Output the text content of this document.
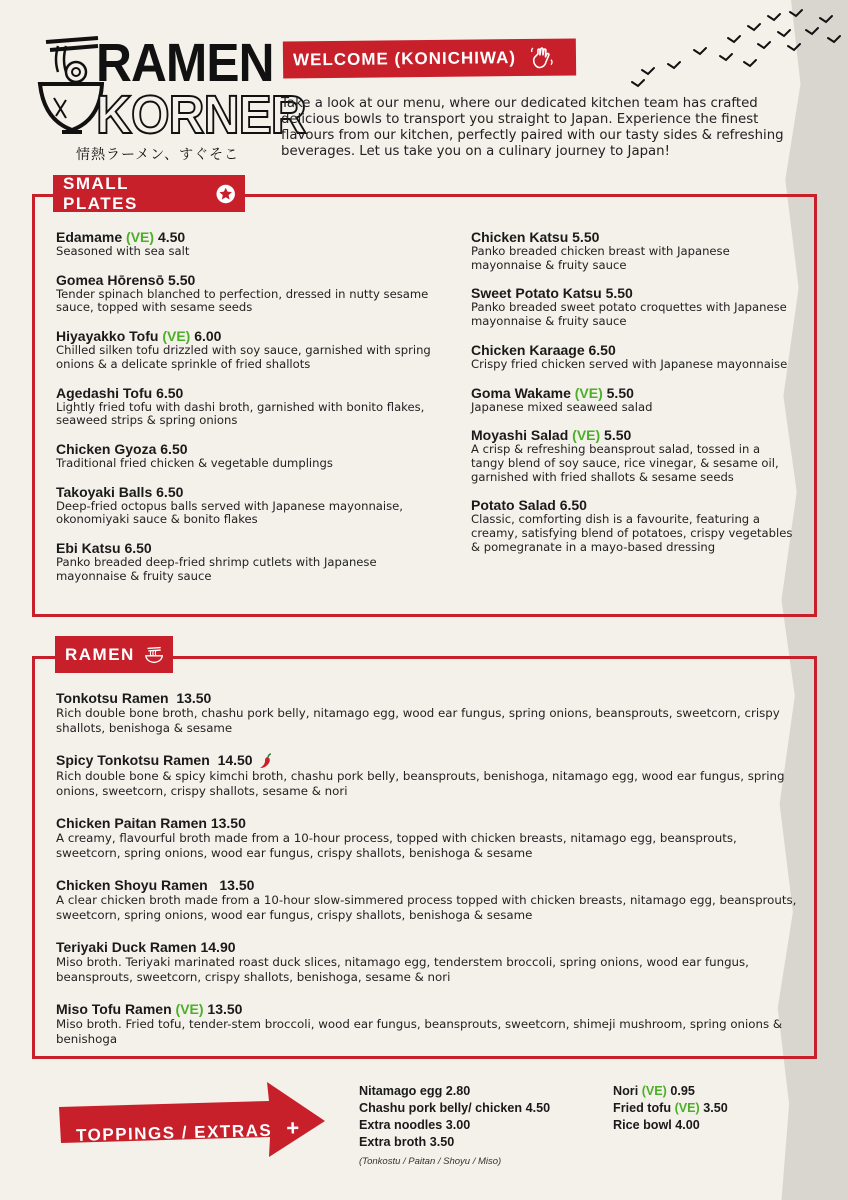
RAMEN
KORNER
情熱ラーメン、すぐそこ
WELCOME (KONICHIWA)
Take a look at our menu, where our dedicated kitchen team has crafted delicious bowls to transport you straight to Japan. Experience the finest flavours from our kitchen, perfectly paired with our tasty sides & refreshing beverages. Let us take you on a culinary journey to Japan!
SMALL PLATES
Edamame (VE) 4.50
Seasoned with sea salt
Gomea Hōrensō 5.50
Tender spinach blanched to perfection, dressed in nutty sesame sauce, topped with sesame seeds
Hiyayakko Tofu (VE) 6.00
Chilled silken tofu drizzled with soy sauce, garnished with spring onions & a delicate sprinkle of fried shallots
Agedashi Tofu 6.50
Lightly fried tofu with dashi broth, garnished with bonito flakes, seaweed strips & spring onions
Chicken Gyoza 6.50
Traditional fried chicken & vegetable dumplings
Takoyaki Balls 6.50
Deep-fried octopus balls served with Japanese mayonnaise, okonomiyaki sauce & bonito flakes
Ebi Katsu 6.50
Panko breaded deep-fried shrimp cutlets with Japanese mayonnaise & fruity sauce
Chicken Katsu 5.50
Panko breaded chicken breast with Japanese mayonnaise & fruity sauce
Sweet Potato Katsu 5.50
Panko breaded sweet potato croquettes with Japanese mayonnaise & fruity sauce
Chicken Karaage 6.50
Crispy fried chicken served with Japanese mayonnaise
Goma Wakame (VE) 5.50
Japanese mixed seaweed salad
Moyashi Salad (VE) 5.50
A crisp & refreshing beansprout salad, tossed in a tangy blend of soy sauce, rice vinegar, & sesame oil, garnished with fried shallots & sesame seeds
Potato Salad 6.50
Classic, comforting dish is a favourite, featuring a creamy, satisfying blend of potatoes, crispy vegetables & pomegranate in a mayo-based dressing
RAMEN
Tonkotsu Ramen 13.50
Rich double bone broth, chashu pork belly, nitamago egg, wood ear fungus, spring onions, beansprouts, sweetcorn, crispy shallots, benishoga & sesame
Spicy Tonkotsu Ramen 14.50
Rich double bone & spicy kimchi broth, chashu pork belly, beansprouts, benishoga, nitamago egg, wood ear fungus, spring onions, sweetcorn, crispy shallots, sesame & nori
Chicken Paitan Ramen 13.50
A creamy, flavourful broth made from a 10-hour process, topped with chicken breasts, nitamago egg, beansprouts, sweetcorn, spring onions, wood ear fungus, crispy shallots, benishoga & sesame
Chicken Shoyu Ramen 13.50
A clear chicken broth made from a 10-hour slow-simmered process topped with chicken breasts, nitamago egg, beansprouts, sweetcorn, spring onions, wood ear fungus, crispy shallots, benishoga & sesame
Teriyaki Duck Ramen 14.90
Miso broth. Teriyaki marinated roast duck slices, nitamago egg, tenderstem broccoli, spring onions, wood ear fungus, beansprouts, sweetcorn, crispy shallots, benishoga, sesame & nori
Miso Tofu Ramen (VE) 13.50
Miso broth. Fried tofu, tender-stem broccoli, wood ear fungus, beansprouts, sweetcorn, shimeji mushroom, spring onions & benishoga
TOPPINGS / EXTRAS +
Nitamago egg 2.80
Chashu pork belly/ chicken 4.50
Extra noodles 3.00
Extra broth 3.50
(Tonkostu / Paitan / Shoyu / Miso)
Nori (VE) 0.95
Fried tofu (VE) 3.50
Rice bowl 4.00
